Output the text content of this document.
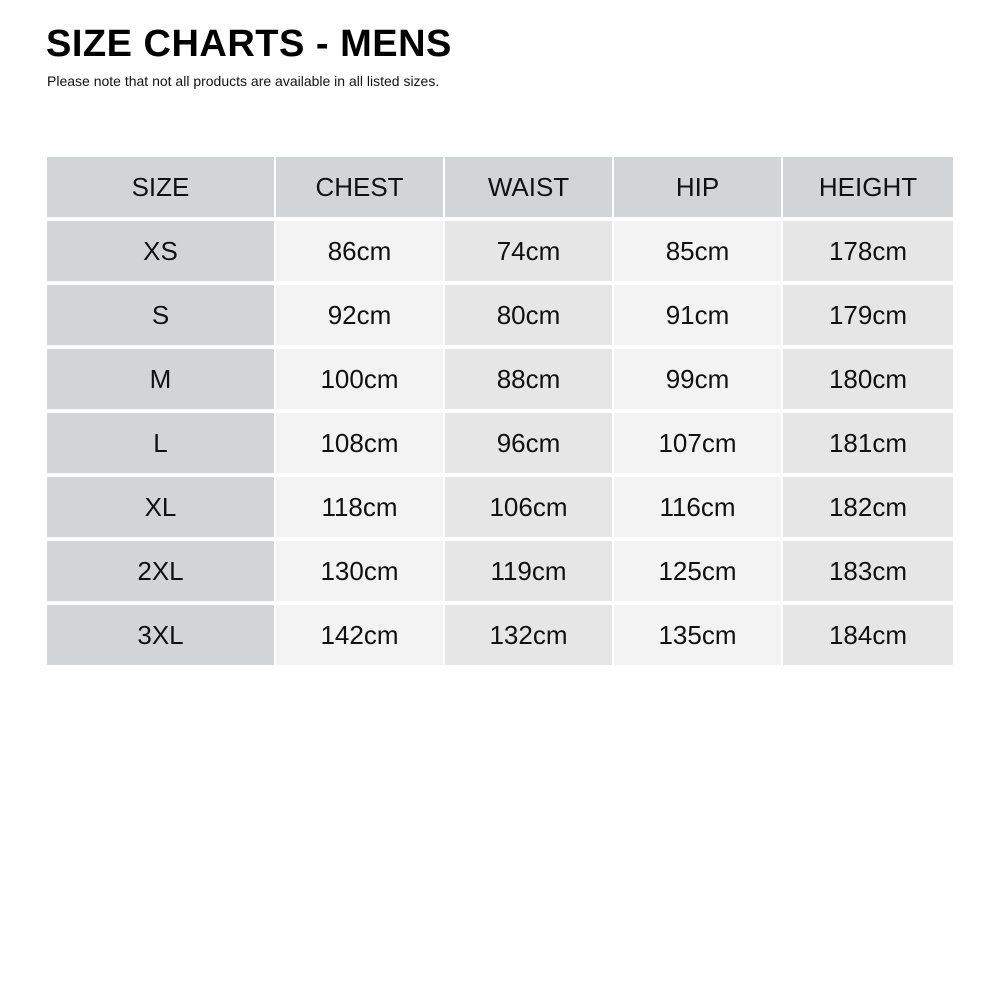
SIZE CHARTS - MENS

Please note that not all products are available in all listed sizes.

SIZE	CHEST	WAIST	HIP	HEIGHT
XS	86cm	74cm	85cm	178cm
S	92cm	80cm	91cm	179cm
M	100cm	88cm	99cm	180cm
L	108cm	96cm	107cm	181cm
XL	118cm	106cm	116cm	182cm
2XL	130cm	119cm	125cm	183cm
3XL	142cm	132cm	135cm	184cm
